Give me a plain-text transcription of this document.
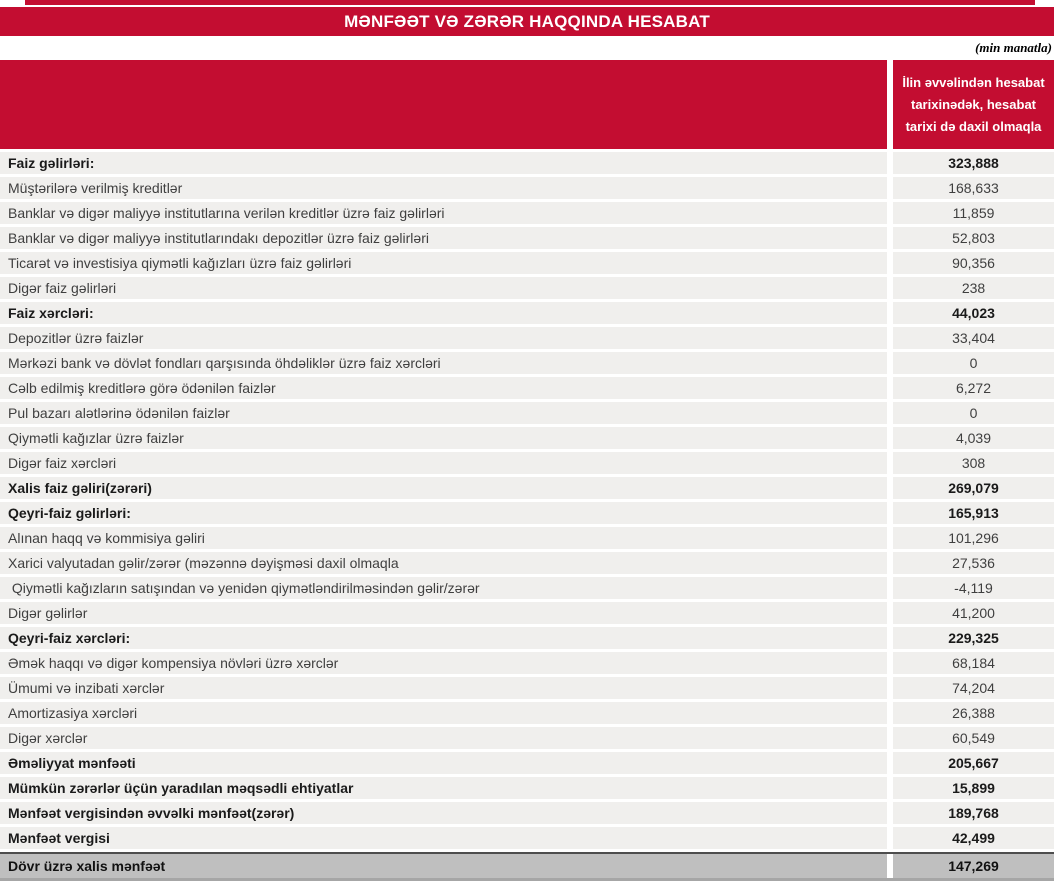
MƏNFƏƏT VƏ ZƏRƏR HAQQINDA HESABAT
(min manatla)
İlin əvvəlindən hesabat tarixinədək, hesabat tarixi də daxil olmaqla
Faiz gəlirləri:	323,888
Müştərilərə verilmiş kreditlər	168,633
Banklar və digər maliyyə institutlarına verilən kreditlər üzrə faiz gəlirləri	11,859
Banklar və digər maliyyə institutlarındakı depozitlər üzrə faiz gəlirləri	52,803
Ticarət və investisiya qiymətli kağızları üzrə faiz gəlirləri	90,356
Digər faiz gəlirləri	238
Faiz xərcləri:	44,023
Depozitlər üzrə faizlər	33,404
Mərkəzi bank və dövlət fondları qarşısında öhdəliklər üzrə faiz xərcləri	0
Cəlb edilmiş kreditlərə görə ödənilən faizlər	6,272
Pul bazarı alətlərinə ödənilən faizlər	0
Qiymətli kağızlar üzrə faizlər	4,039
Digər faiz xərcləri	308
Xalis faiz gəliri(zərəri)	269,079
Qeyri-faiz gəlirləri:	165,913
Alınan haqq və kommisiya gəliri	101,296
Xarici valyutadan gəlir/zərər (məzənnə dəyişməsi daxil olmaqla	27,536
Qiymətli kağızların satışından və yenidən qiymətləndirilməsindən gəlir/zərər	-4,119
Digər gəlirlər	41,200
Qeyri-faiz xərcləri:	229,325
Əmək haqqı və digər kompensiya növləri üzrə xərclər	68,184
Ümumi və inzibati xərclər	74,204
Amortizasiya xərcləri	26,388
Digər xərclər	60,549
Əməliyyat mənfəəti	205,667
Mümkün zərərlər üçün yaradılan məqsədli ehtiyatlar	15,899
Mənfəət vergisindən əvvəlki mənfəət(zərər)	189,768
Mənfəət vergisi	42,499
Dövr üzrə xalis mənfəət	147,269
